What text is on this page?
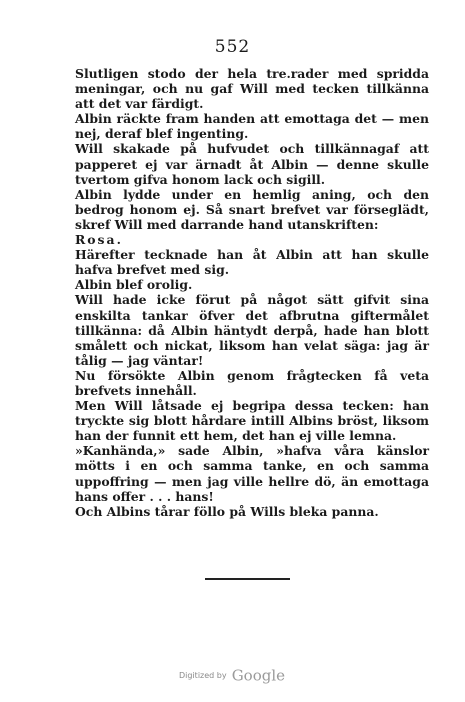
552

Slutligen stodo der hela tre.rader med spridda meningar, och nu gaf Will med tecken tillkänna att det var färdigt.

Albin räckte fram handen att emottaga det — men nej, deraf blef ingenting.

Will skakade på hufvudet och tillkännagaf att papperet ej var ärnadt åt Albin — denne skulle tvertom gifva honom lack och sigill.

Albin lydde under en hemlig aning, och den bedrog honom ej. Så snart brefvet var förseglädt, skref Will med darrande hand utanskriften:

Rosa.

Härefter tecknade han åt Albin att han skulle hafva brefvet med sig.

Albin blef orolig.

Will hade icke förut på något sätt gifvit sina enskilta tankar öfver det afbrutna giftermålet tillkänna: då Albin häntydt derpå, hade han blott smålett och nickat, liksom han velat säga: jag är tålig — jag väntar!

Nu försökte Albin genom frågtecken få veta brefvets innehåll.

Men Will låtsade ej begripa dessa tecken: han tryckte sig blott hårdare intill Albins bröst, liksom han der funnit ett hem, det han ej ville lemna.

»Kanhända,» sade Albin, »hafva våra känslor mötts i en och samma tanke, en och samma uppoffring — men jag ville hellre dö, än emottaga hans offer . . . hans!

Och Albins tårar föllo på Wills bleka panna.

Digitized by Google
